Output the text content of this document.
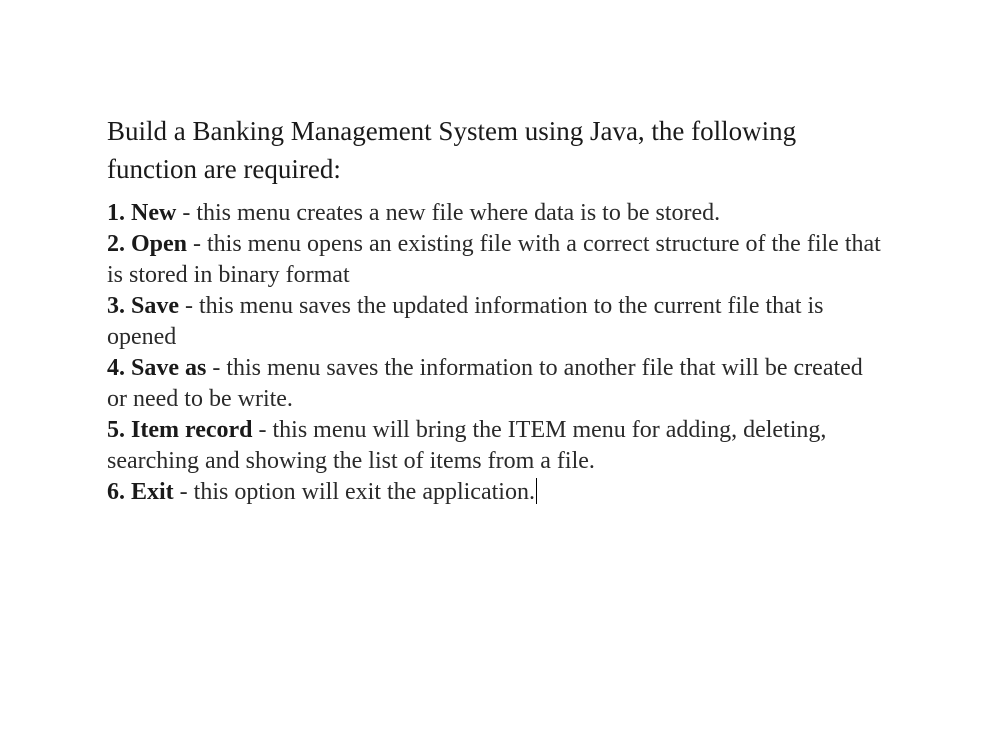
Build a Banking Management System using Java, the following function are required:

1. New - this menu creates a new file where data is to be stored.
2. Open - this menu opens an existing file with a correct structure of the file that is stored in binary format
3. Save - this menu saves the updated information to the current file that is opened
4. Save as - this menu saves the information to another file that will be created or need to be write.
5. Item record - this menu will bring the ITEM menu for adding, deleting, searching and showing the list of items from a file.
6. Exit - this option will exit the application.
